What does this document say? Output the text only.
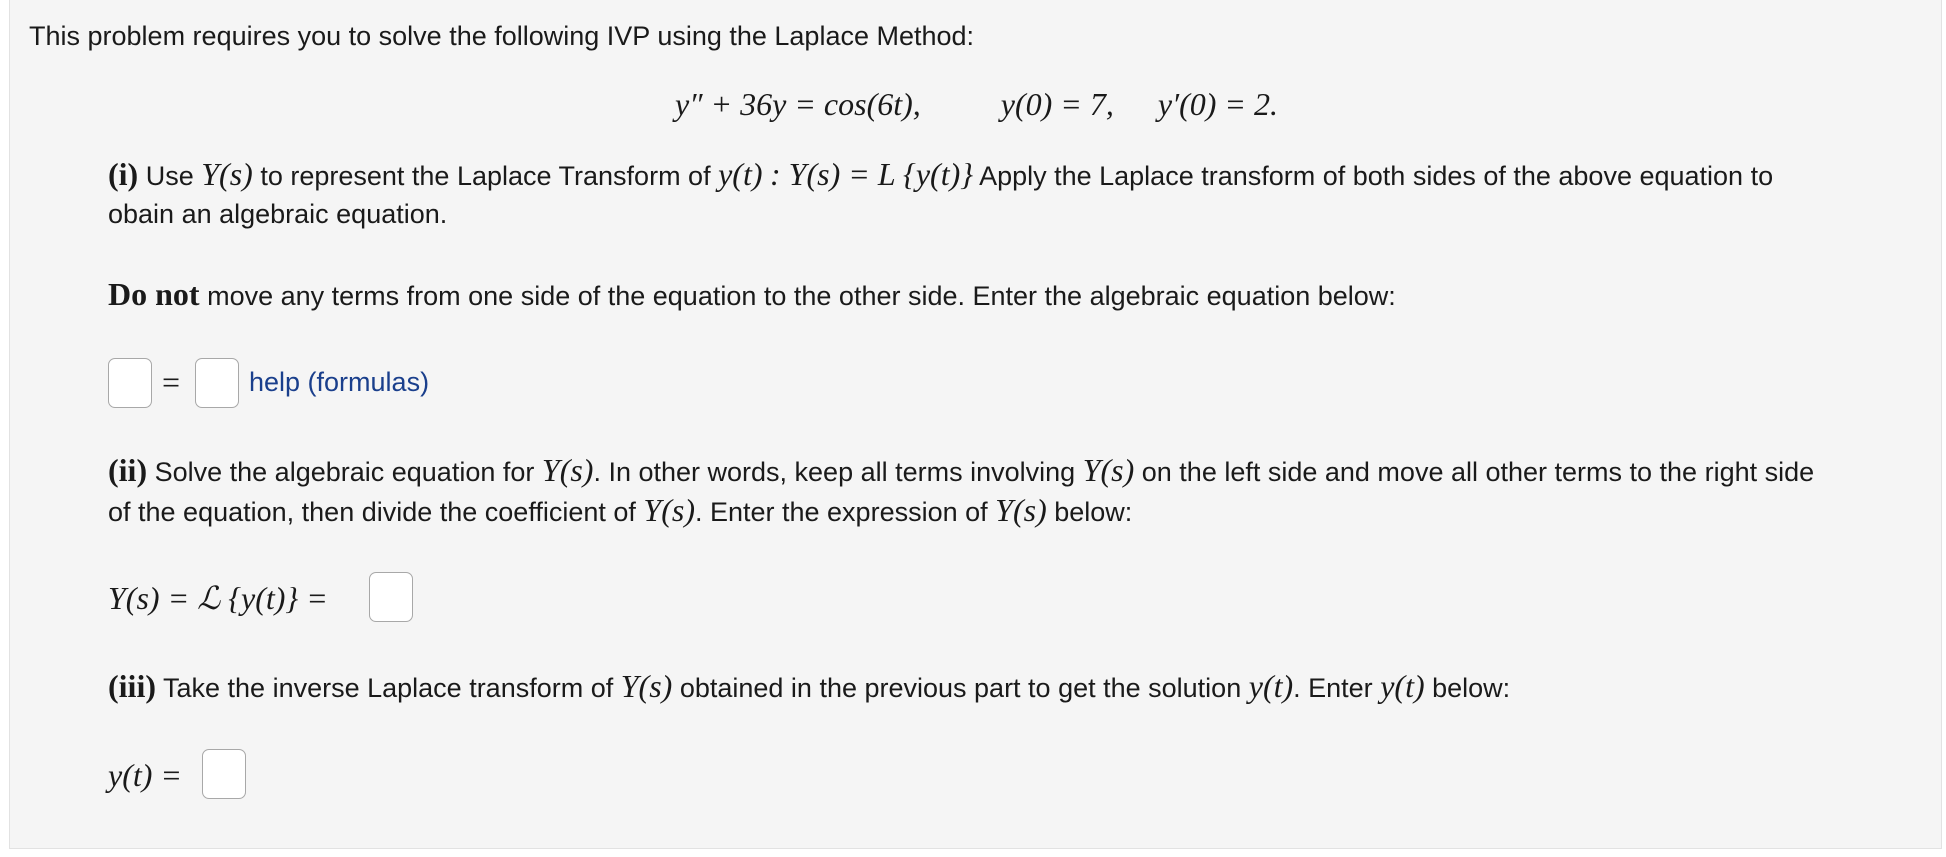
This problem requires you to solve the following IVP using the Laplace Method:
y″ + 36y = cos(6t),	y(0) = 7, y′(0) = 2.
(i) Use Y(s) to represent the Laplace Transform of y(t) : Y(s) = L {y(t)} Apply the Laplace transform of both sides of the above equation to
obain an algebraic equation.
Do not move any terms from one side of the equation to the other side. Enter the algebraic equation below:
=	help (formulas)
(ii) Solve the algebraic equation for Y(s). In other words, keep all terms involving Y(s) on the left side and move all other terms to the right side
of the equation, then divide the coefficient of Y(s). Enter the expression of Y(s) below:
Y(s) = ℒ {y(t)} =
(iii) Take the inverse Laplace transform of Y(s) obtained in the previous part to get the solution y(t). Enter y(t) below:
y(t) =
